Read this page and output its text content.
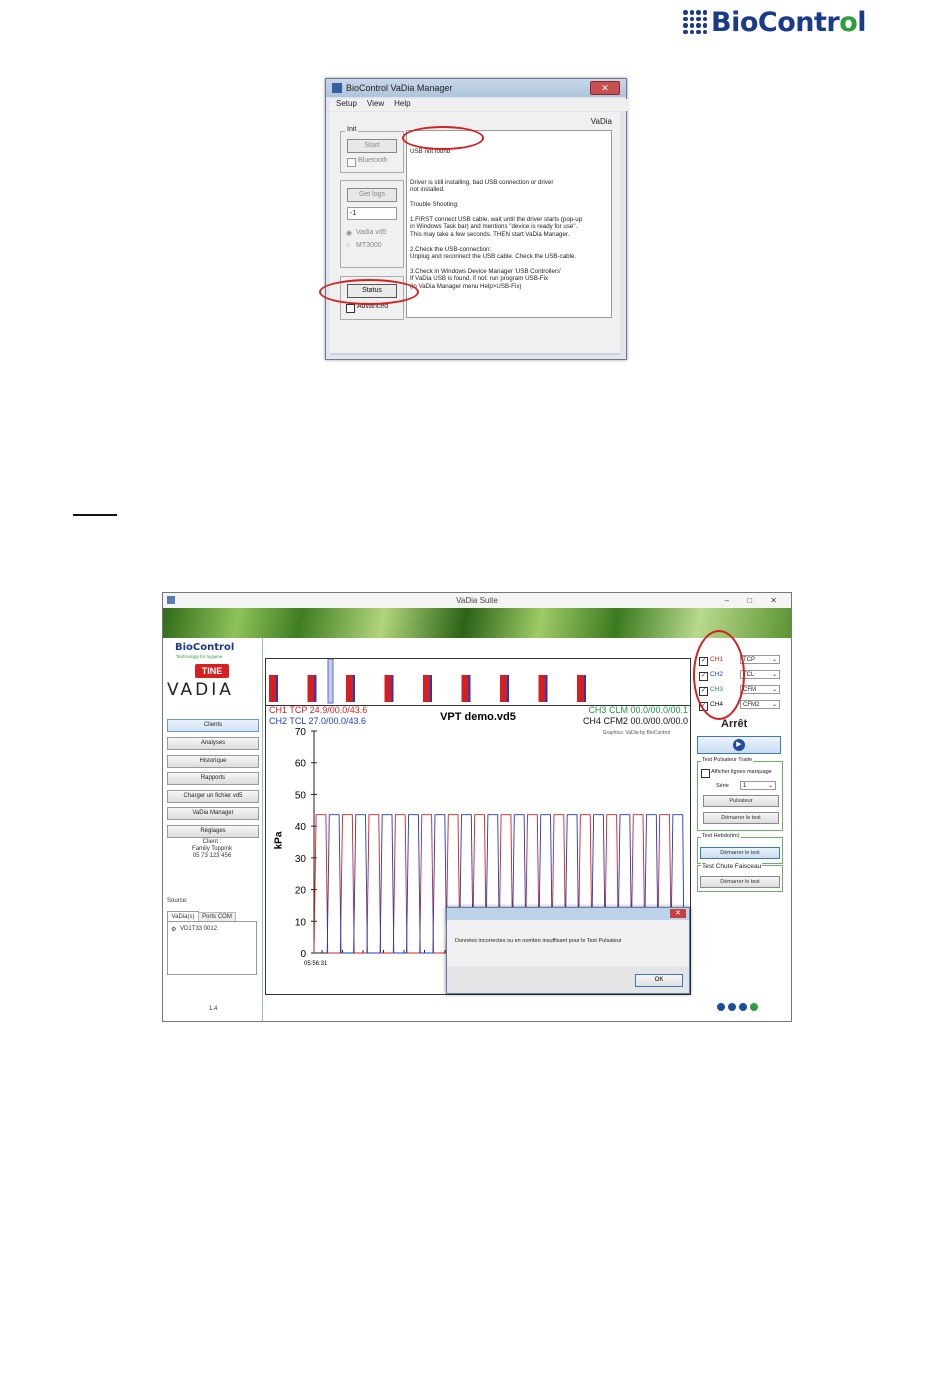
BioControl
BioControl VaDia Manager	✕
Setup View Help
VaDia
Init
Start
Bluetooth
Get logs
-1
◉ Vadia vd5
○ MT3000
Status
Advanced

USB not found

Driver is still installing, bad USB connection or driver
not installed.

Trouble Shooting:

1.FIRST connect USB cable, wait until the driver starts (pop-up
in Windows Task bar) and mentions "device is ready for use".
This may take a few seconds. THEN start VaDia Manager.

2.Check the USB-connection:
Unplug and reconnect the USB cable. Check the USB-cable.

3.Check in Windows Device Manager 'USB Controllers'
If VaDia USB is found, if not: run program USB-Fix
(in VaDia Manager menu Help>USB-Fix)

VaDia Suite	– □ ✕
BioControl
Technology for hygiene
TINE
VADIA
Clients
Analyses
Historique
Rapports
Charger un fichier vd5
VaDia Manager
Réglages
Client :
Family Toppink
05 73 123 456
Source:
VaDia(s)	Ports COM
⚙ VD1T33 0012
1.4
CH1 TCP 24.9/00.0/43.6
CH2 TCL 27.0/00.0/43.6
CH3 CLM 00.0/00.0/00.1
CH4 CFM2 00.0/00.0/00.0
VPT demo.vd5
Graphics: VaDia by BioControl
0
10
20
30
40
50
60
70
05:56:31
kPa
✕
Données incorrectes ou en nombre insuffisant pour le Test Pulsateur
OK
✓ CH1	TCP	⌄
✓ CH2	TCL	⌄
✓ CH3	CFM	⌄
✓ CH4	CFM2 ⌄
Arrêt
▶
Test Pulsateur Traite
Afficher lignes marquage
Série	1	⌄
Pulsateur
Démarrer le test
Test Hebdo(tm)
Démarrer le test
Test Chute Faisceau
Démarrer le test
